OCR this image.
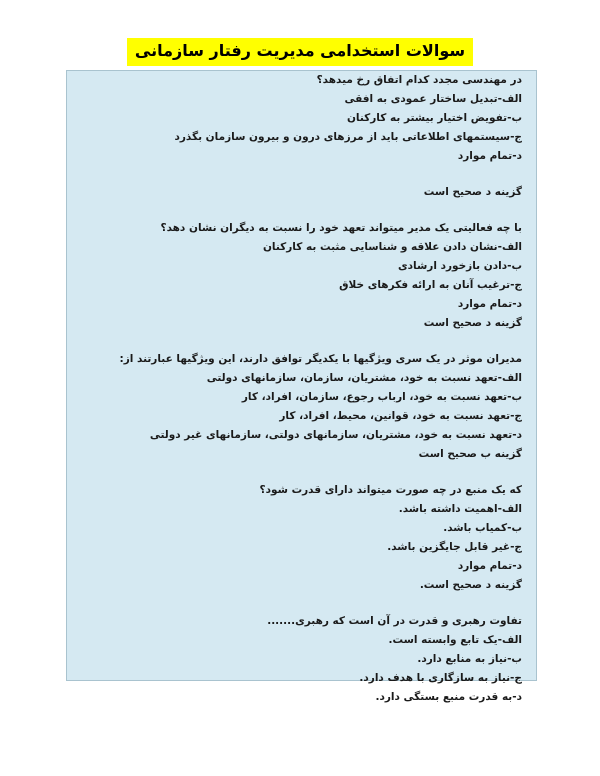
سوالات استخدامی مدیریت رفتار سازمانی
در مهندسی مجدد کدام اتفاق رخ میدهد؟
الف-تبدیل ساختار عمودی به افقی
ب-تفویض اختیار بیشتر به کارکنان
ج-سیستمهای اطلاعاتی باید از مرزهای درون و بیرون سازمان بگذرد
د-تمام موارد
گزینه د صحیح است
با چه فعالیتی یک مدیر میتواند تعهد خود را نسبت به دیگران نشان دهد؟
الف-نشان دادن علاقه و شناسایی مثبت به کارکنان
ب-دادن بازخورد ارشادی
ج-ترغیب آنان به ارائه فکرهای خلاق
د-تمام موارد
گزینه د صحیح است
مدیران موثر در یک سری ویژگیها با یکدیگر توافق دارند، این ویژگیها عبارتند از:
الف-تعهد نسبت به خود، مشتریان، سازمان، سازمانهای دولتی
ب-تعهد نسبت به خود، ارباب رجوع، سازمان، افراد، کار
ج-تعهد نسبت به خود، قوانین، محیط، افراد، کار
د-تعهد نسبت به خود، مشتریان، سازمانهای دولتی، سازمانهای غیر دولتی
گزینه ب صحیح است
که یک منبع در چه صورت میتواند دارای قدرت شود؟
الف-اهمیت داشته باشد.
ب-کمیاب باشد.
ج-غیر قابل جایگزین باشد.
د-تمام موارد
گزینه د صحیح است.
تفاوت رهبری و قدرت در آن است که رهبری.......
الف-یک تابع وابسته است.
ب-نیاز به منابع دارد.
ج-نیاز به سازگاری با هدف دارد.
د-به قدرت منبع بستگی دارد.
